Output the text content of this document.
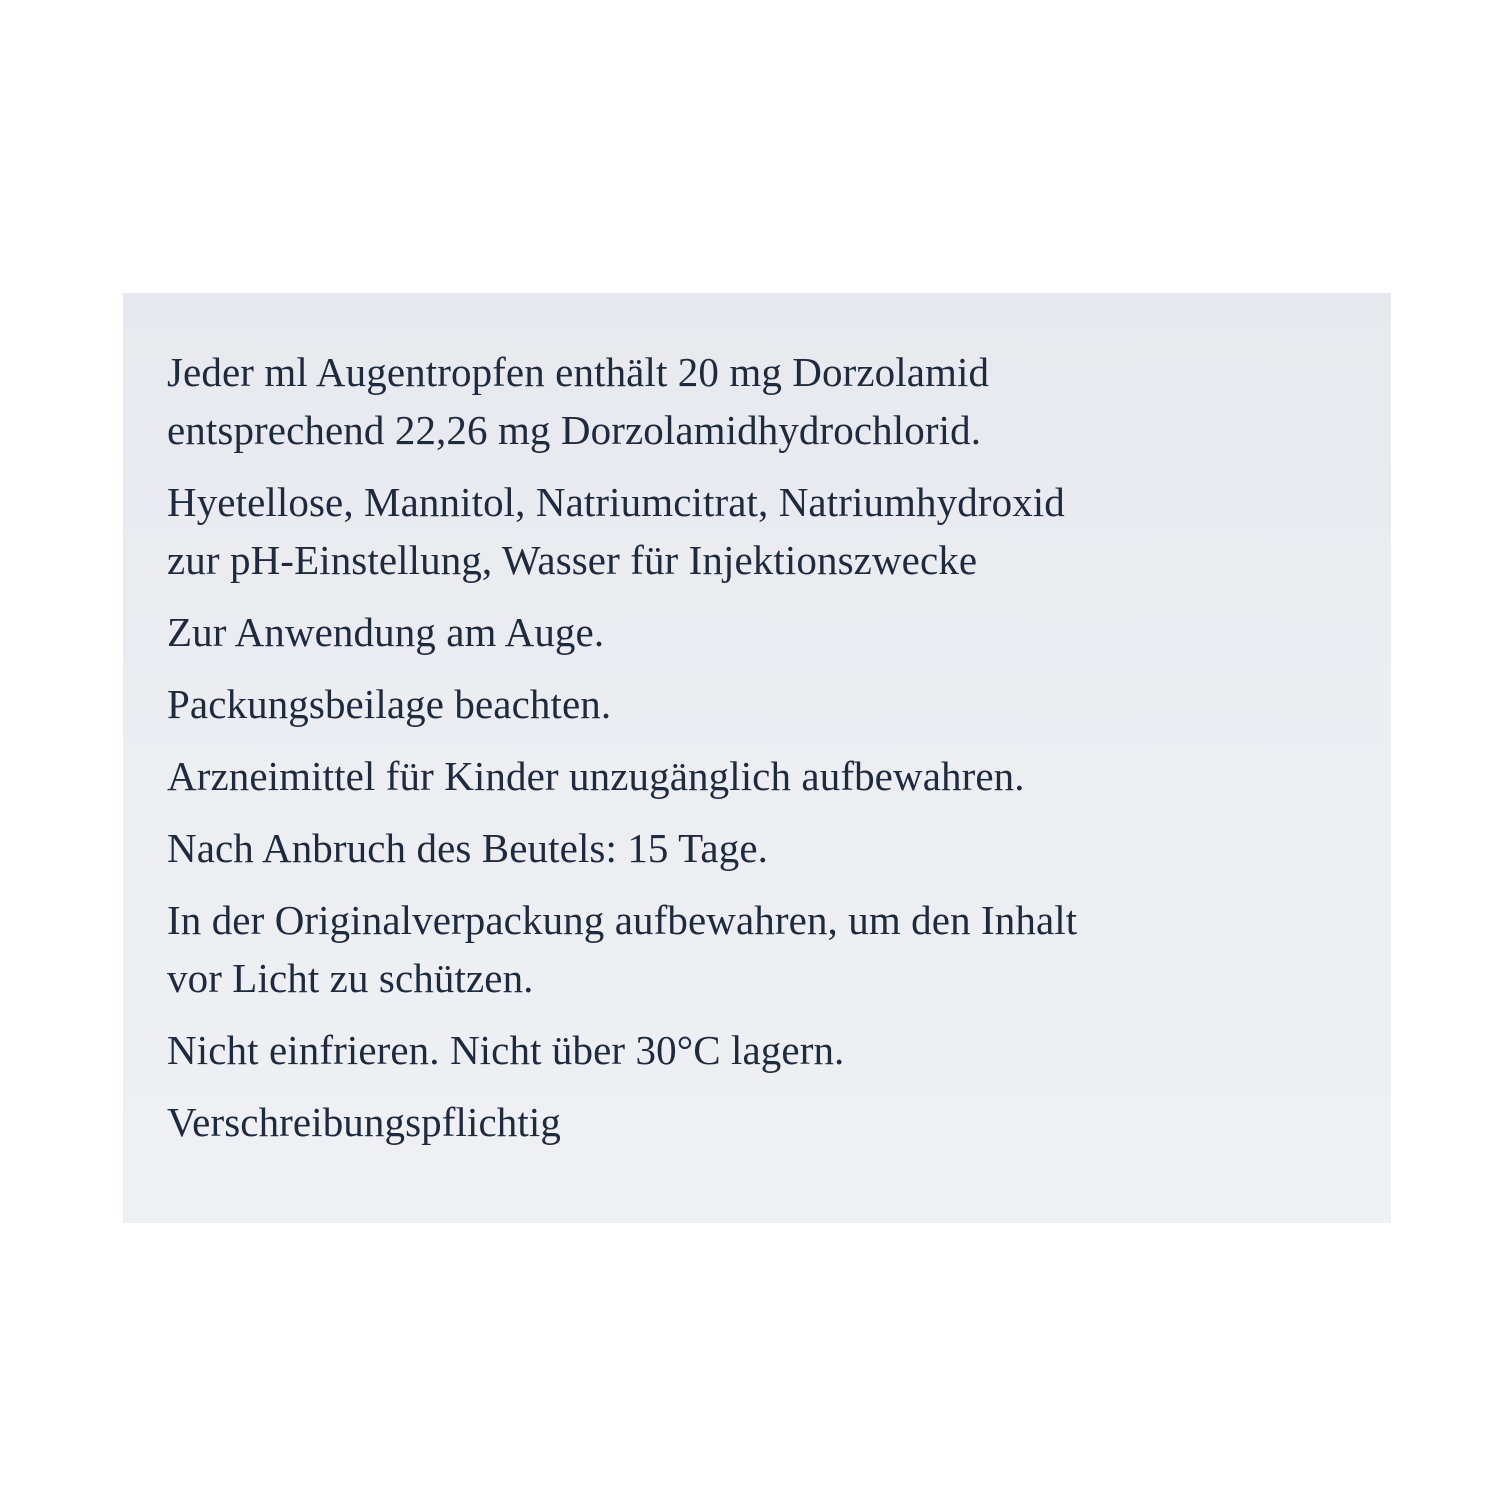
Jeder ml Augentropfen enthält 20 mg Dorzolamid

entsprechend 22,26 mg Dorzolamidhydrochlorid.

Hyetellose, Mannitol, Natriumcitrat, Natriumhydroxid

zur pH-Einstellung, Wasser für Injektionszwecke

Zur Anwendung am Auge.

Packungsbeilage beachten.

Arzneimittel für Kinder unzugänglich aufbewahren.

Nach Anbruch des Beutels: 15 Tage.

In der Originalverpackung aufbewahren, um den Inhalt

vor Licht zu schützen.

Nicht einfrieren. Nicht über 30°C lagern.

Verschreibungspflichtig
